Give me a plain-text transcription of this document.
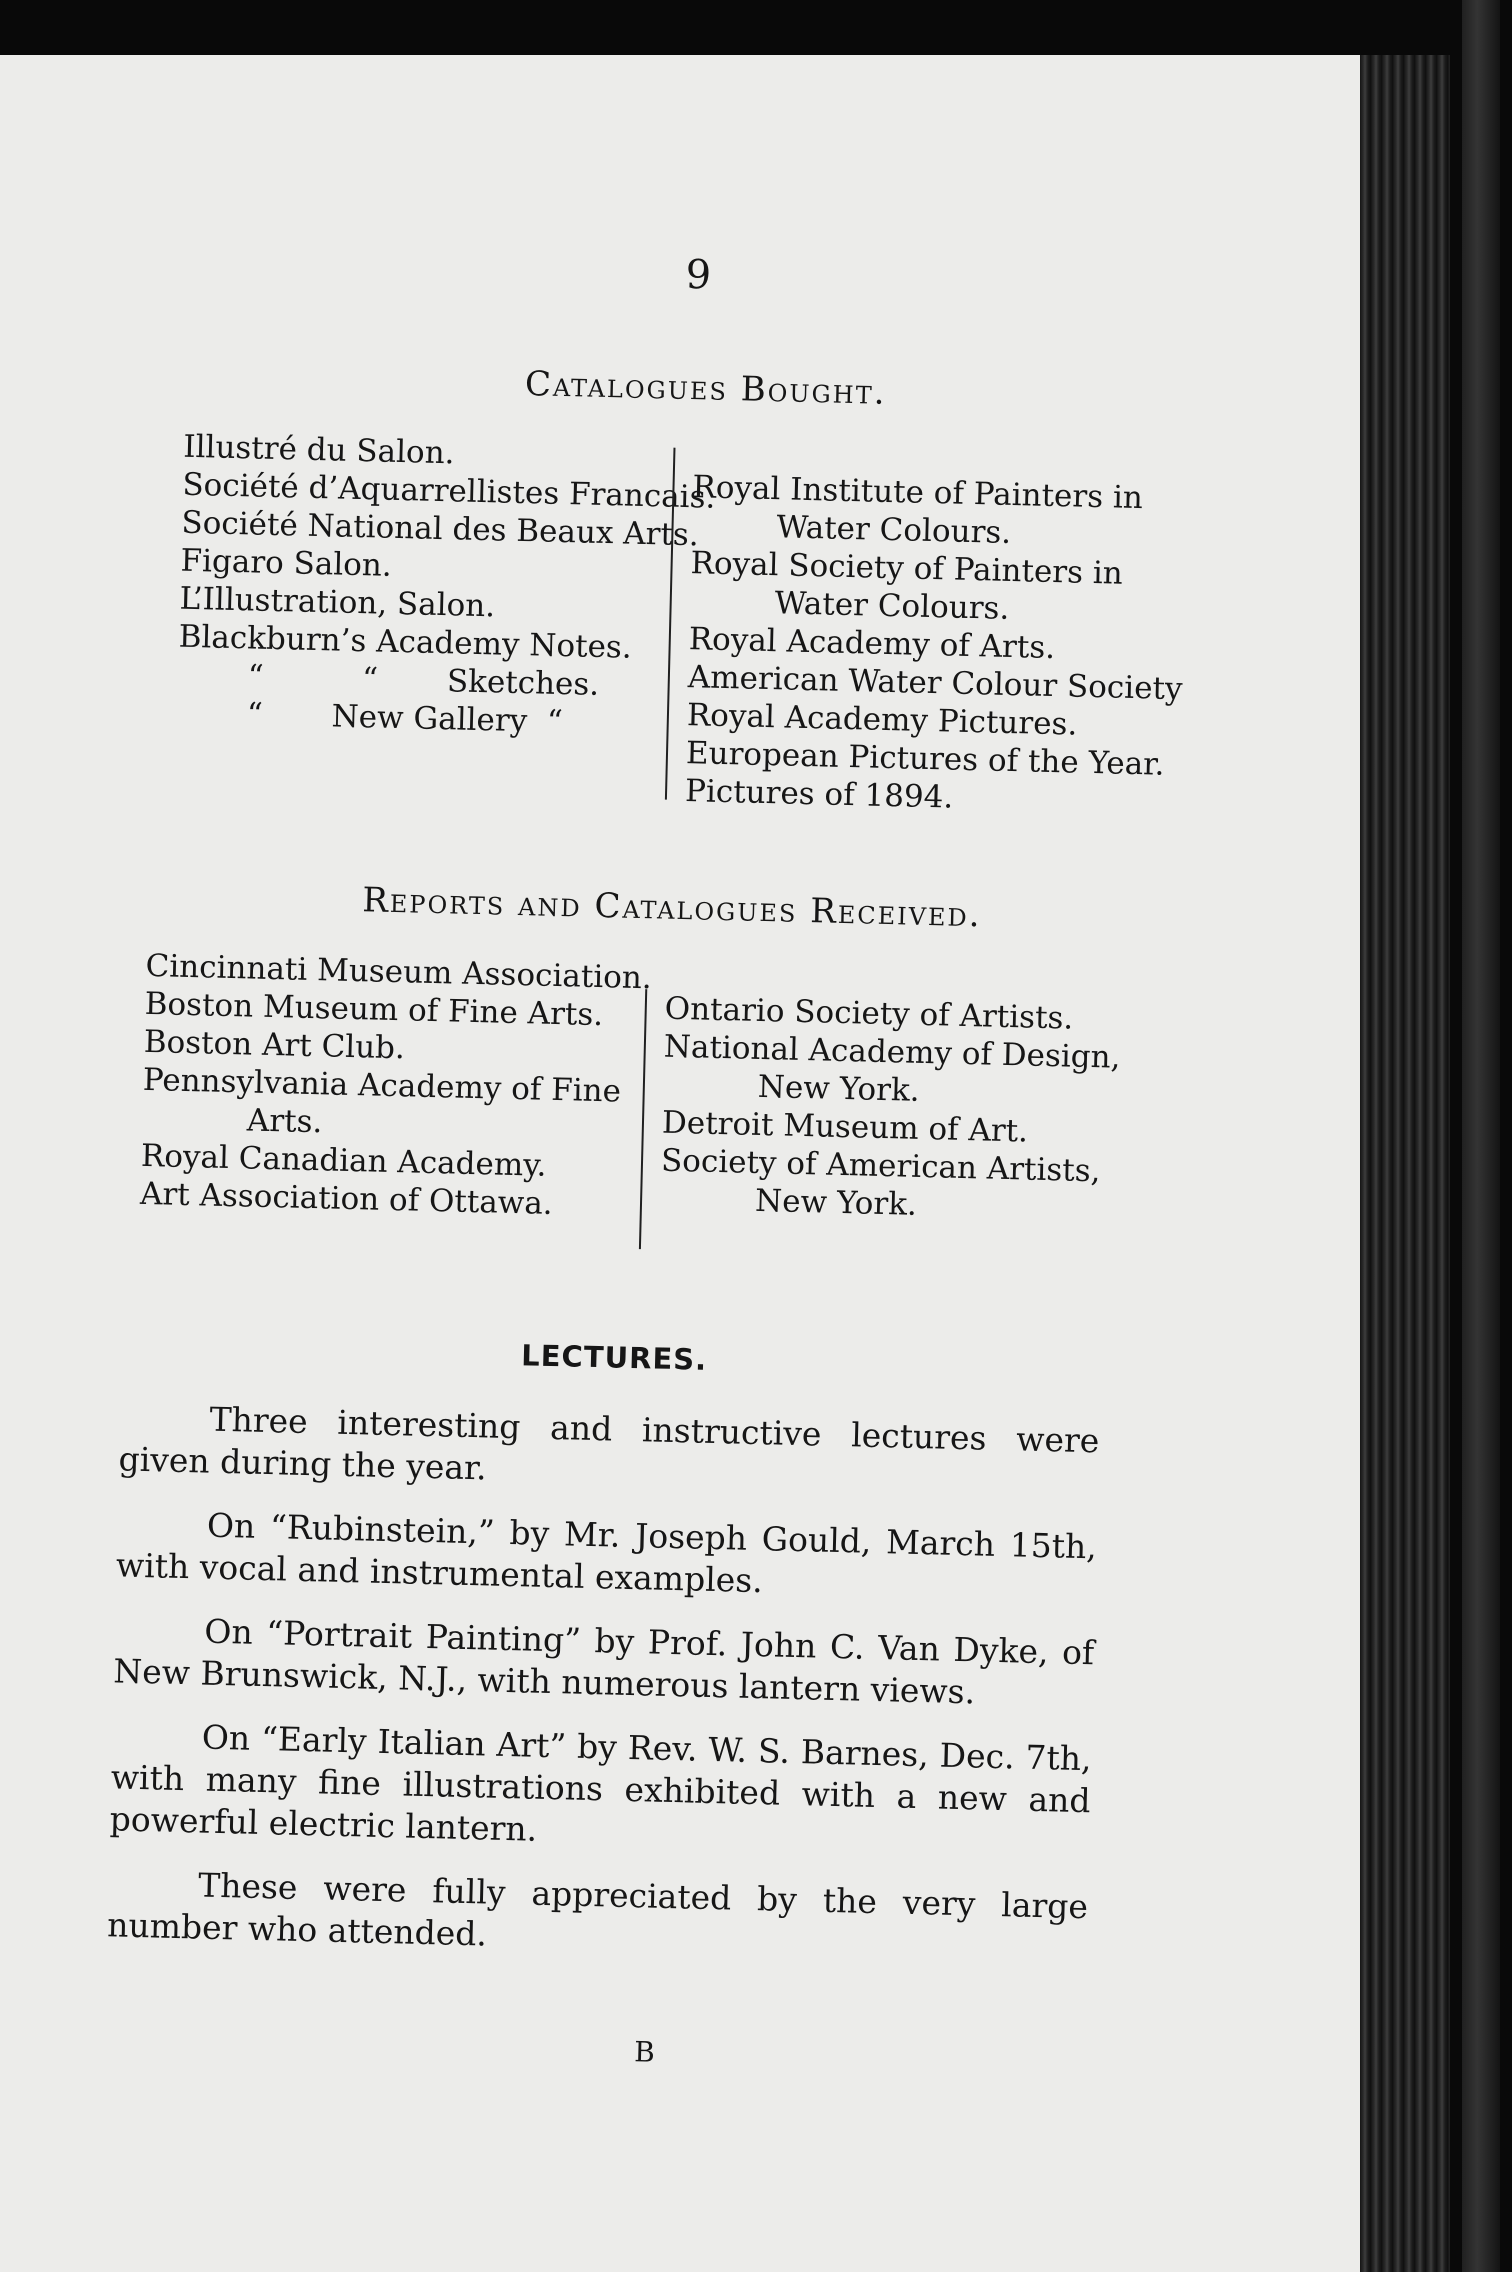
9
Catalogues Bought.
Illustré du Salon.
Société d’Aquarrellistes Francais.
Société National des Beaux Arts.
Figaro Salon.
L’Illustration, Salon.
Blackburn’s Academy Notes.
“          “       Sketches.
“       New Gallery  “
Royal Institute of Painters in
Water Colours.
Royal Society of Painters in
Water Colours.
Royal Academy of Arts.
American Water Colour Society
Royal Academy Pictures.
European Pictures of the Year.
Pictures of 1894.
Reports and Catalogues Received.
Cincinnati Museum Association.
Boston Museum of Fine Arts.
Boston Art Club.
Pennsylvania Academy of Fine
Arts.
Royal Canadian Academy.
Art Association of Ottawa.
Ontario Society of Artists.
National Academy of Design,
New York.
Detroit Museum of Art.
Society of American Artists,
New York.
LECTURES.

Three interesting and instructive lectures were given during the year.

On “Rubinstein,” by Mr. Joseph Gould, March 15th, with vocal and instrumental examples.

On “Portrait Painting” by Prof. John C. Van Dyke, of New Brunswick, N.J., with numerous lantern views.

On “Early Italian Art” by Rev. W. S. Barnes, Dec. 7th, with many fine illustrations exhibited with a new and powerful electric lantern.

These were fully appreciated by the very large number who attended.

B
